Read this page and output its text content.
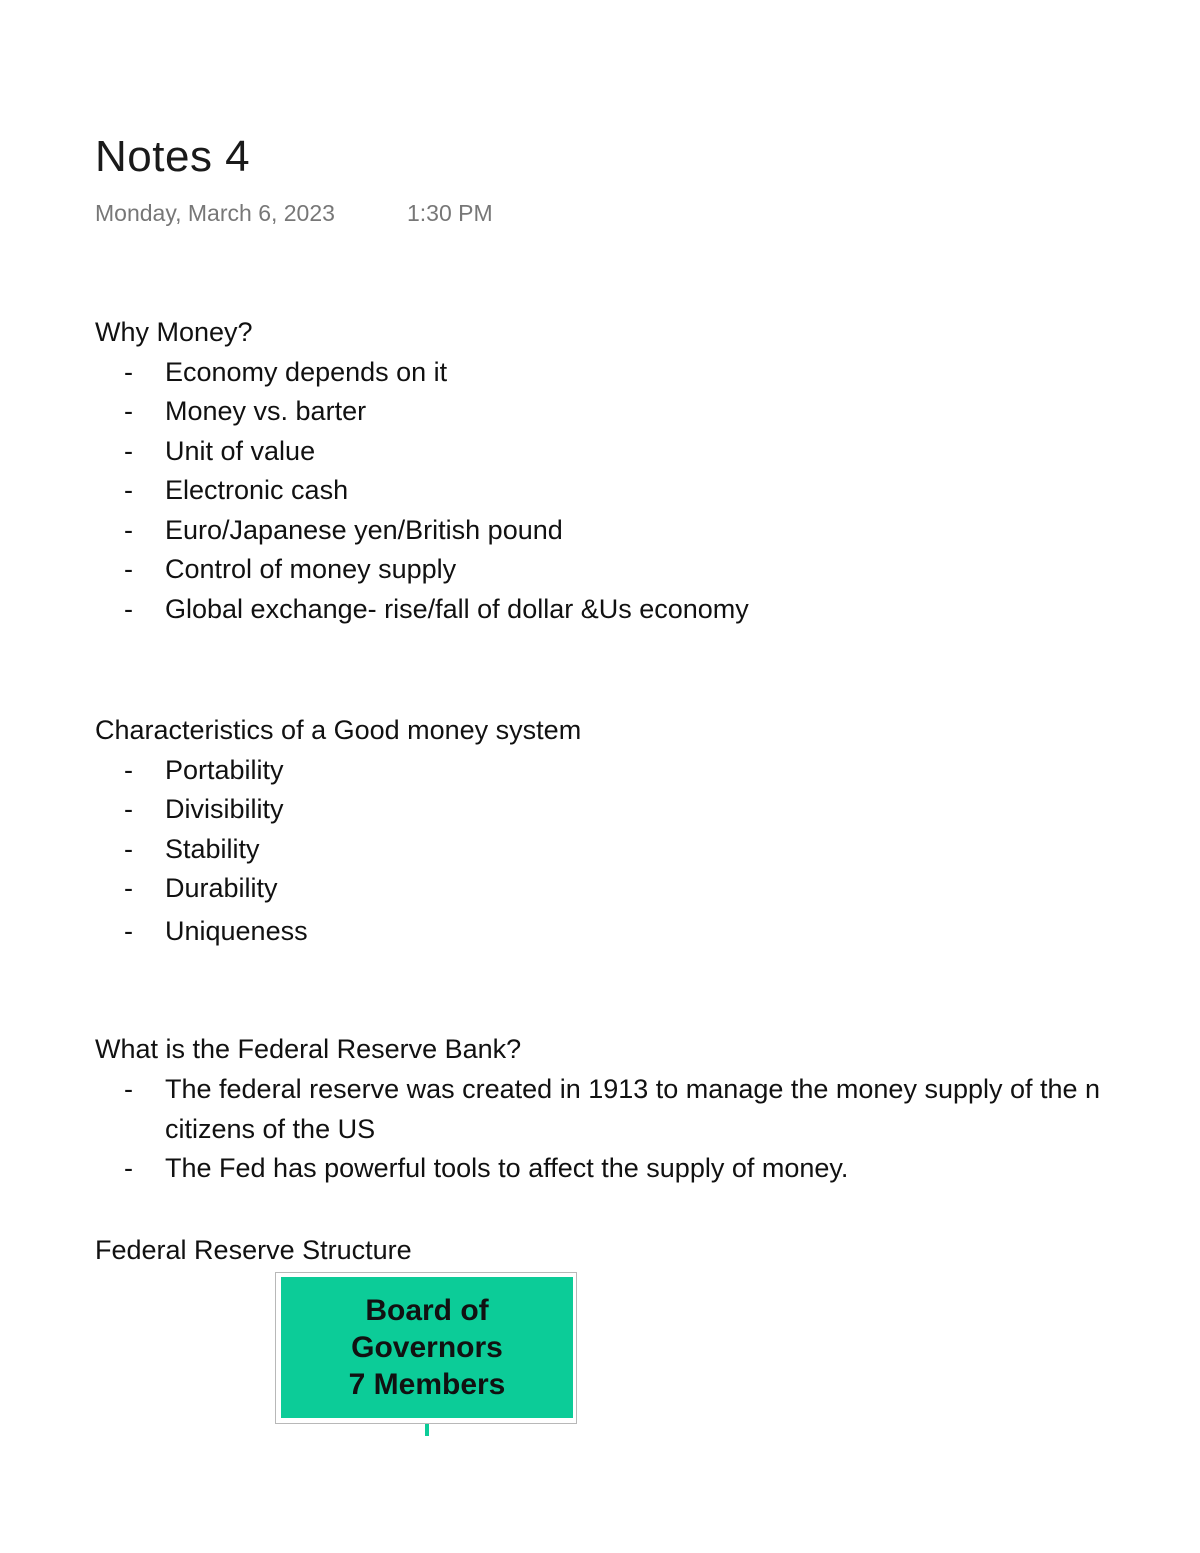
Notes 4
Monday, March 6, 2023	1:30 PM
Why Money?
- Economy depends on it
- Money vs. barter
- Unit of value
- Electronic cash
- Euro/Japanese yen/British pound
- Control of money supply
- Global exchange- rise/fall of dollar &Us economy
Characteristics of a Good money system
- Portability
- Divisibility
- Stability
- Durability
- Uniqueness
What is the Federal Reserve Bank?
- The federal reserve was created in 1913 to manage the money supply of the n
citizens of the US
- The Fed has powerful tools to affect the supply of money.
Federal Reserve Structure
Board of
Governors
7 Members
